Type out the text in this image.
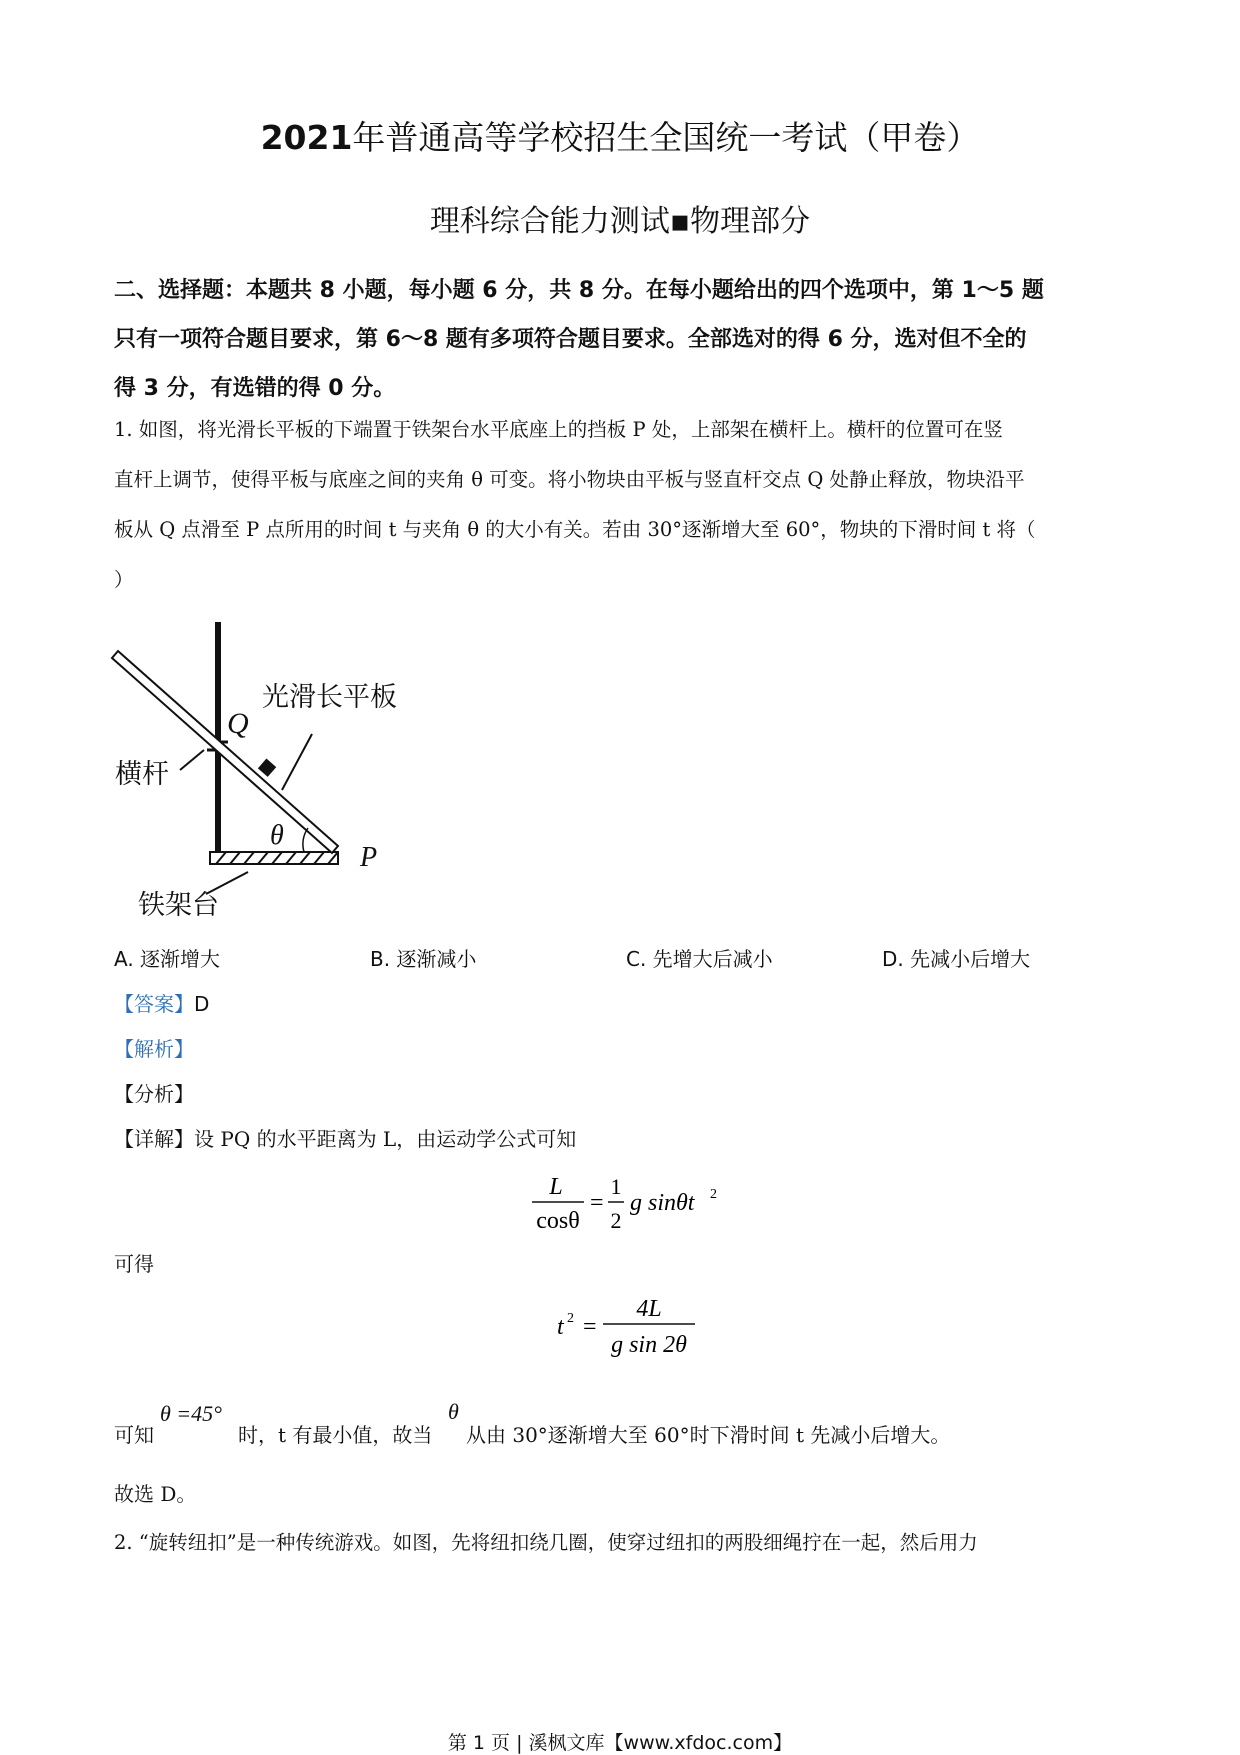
2021年普通高等学校招生全国统一考试（甲卷）
理科综合能力测试▪物理部分
二、选择题：本题共 8 小题，每小题 6 分，共 8 分。在每小题给出的四个选项中，第 1～5 题
只有一项符合题目要求，第 6～8 题有多项符合题目要求。全部选对的得 6 分，选对但不全的
得 3 分，有选错的得 0 分。
1. 如图，将光滑长平板的下端置于铁架台水平底座上的挡板 P 处，上部架在横杆上。横杆的位置可在竖
直杆上调节，使得平板与底座之间的夹角 θ 可变。将小物块由平板与竖直杆交点 Q 处静止释放，物块沿平
板从 Q 点滑至 P 点所用的时间 t 与夹角 θ 的大小有关。若由 30°逐渐增大至 60°，物块的下滑时间 t 将（
）
光滑长平板
Q
横杆
θ
P
铁架台
A. 逐渐增大	B. 逐渐减小	C. 先增大后减小	D. 先减小后增大
【答案】D
【解析】
【分析】
【详解】设 PQ 的水平距离为 L，由运动学公式可知
L
cosθ
=
1
2
g sinθt 2
可得
t 2 =
4L
g sin 2θ
可知
θ =45°
时，t 有最小值，故当
θ
从由 30°逐渐增大至 60°时下滑时间 t 先减小后增大。
故选 D。
2. “旋转纽扣”是一种传统游戏。如图，先将纽扣绕几圈，使穿过纽扣的两股细绳拧在一起，然后用力
第 1 页 | 溪枫文库【www.xfdoc.com】
